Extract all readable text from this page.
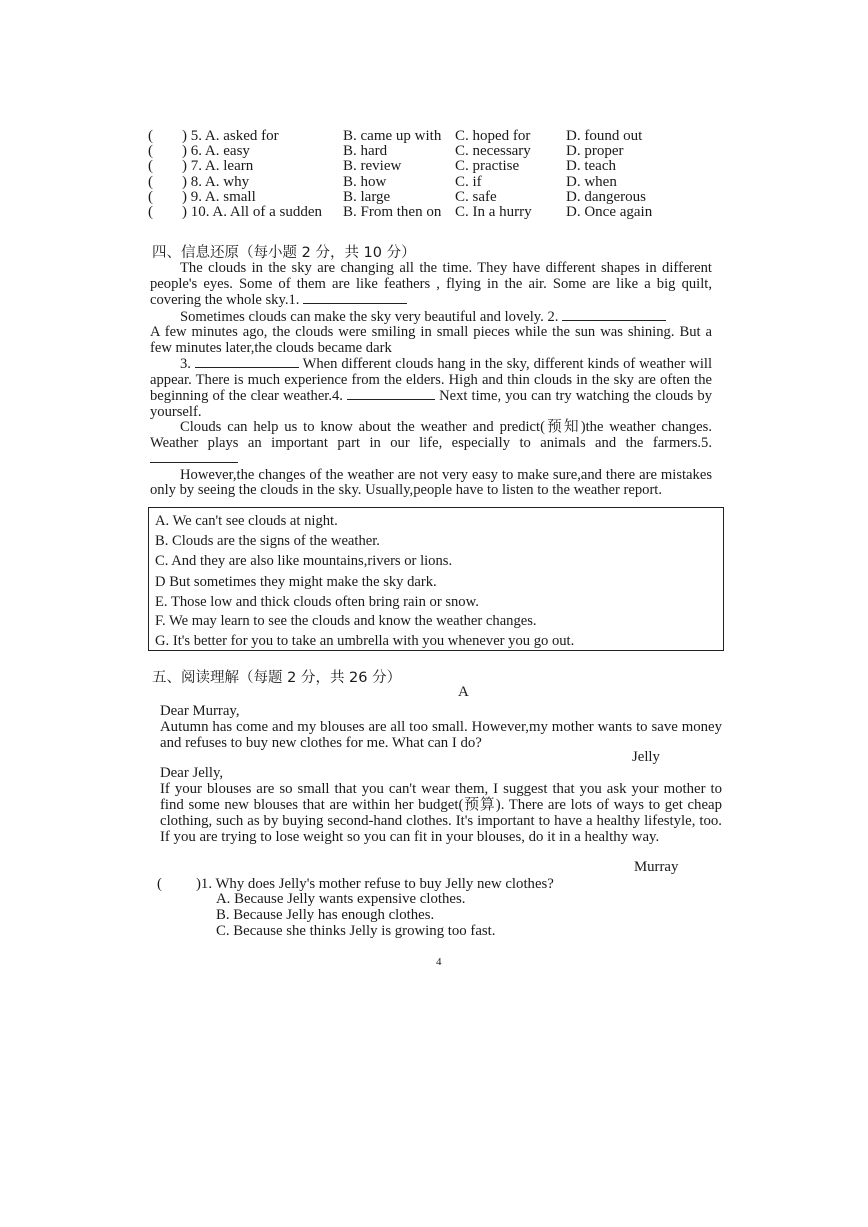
( ) 5. A. asked for	B. came up with C. hoped for D. found out
( ) 6. A. easy	B. hard	C. necessary D. proper
( ) 7. A. learn	B. review	C. practise	D. teach
( ) 8. A. why	B. how	C. if	D. when
( ) 9. A. small	B. large	C. safe	D. dangerous
( ) 10. A. All of a sudden B. From then on C. In a hurry D. Once again
四、信息还原（每小题 2 分，共 10 分）

The clouds in the sky are changing all the time. They have different shapes in different people's eyes. Some of them are like feathers , flying in the air. Some are like a big quilt, covering the whole sky.1.

Sometimes clouds can make the sky very beautiful and lovely. 2.

A few minutes ago, the clouds were smiling in small pieces while the sun was shining. But a few minutes later,the clouds became dark

3.	When different clouds hang in the sky, different kinds of weather will appear. There is much experience from the elders. High and thin clouds in the sky are often the beginning of the clear weather.4.	Next time, you can try watching the clouds by yourself.

Clouds can help us to know about the weather and predict(预知)the weather changes. Weather plays an important part in our life, especially to animals and the farmers.5.

However,the changes of the weather are not very easy to make sure,and there are mistakes only by seeing the clouds in the sky. Usually,people have to listen to the weather report.

A. We can't see clouds at night.
B. Clouds are the signs of the weather.
C. And they are also like mountains,rivers or lions.
D But sometimes they might make the sky dark.
E. Those low and thick clouds often bring rain or snow.
F. We may learn to see the clouds and know the weather changes.
G. It's better for you to take an umbrella with you whenever you go out.
五、阅读理解（每题 2 分，共 26 分）
A

Dear Murray,

Autumn has come and my blouses are all too small. However,my mother wants to save money and refuses to buy new clothes for me. What can I do?

Jelly

Dear Jelly,

If your blouses are so small that you can't wear them, I suggest that you ask your mother to find some new blouses that are within her budget(预算). There are lots of ways to get cheap clothing, such as by buying second-hand clothes. It's important to have a healthy lifestyle, too. If you are trying to lose weight so you can fit in your blouses, do it in a healthy way.

Murray
( )1. Why does Jelly's mother refuse to buy Jelly new clothes?
A. Because Jelly wants expensive clothes.
B. Because Jelly has enough clothes.
C. Because she thinks Jelly is growing too fast.
4
